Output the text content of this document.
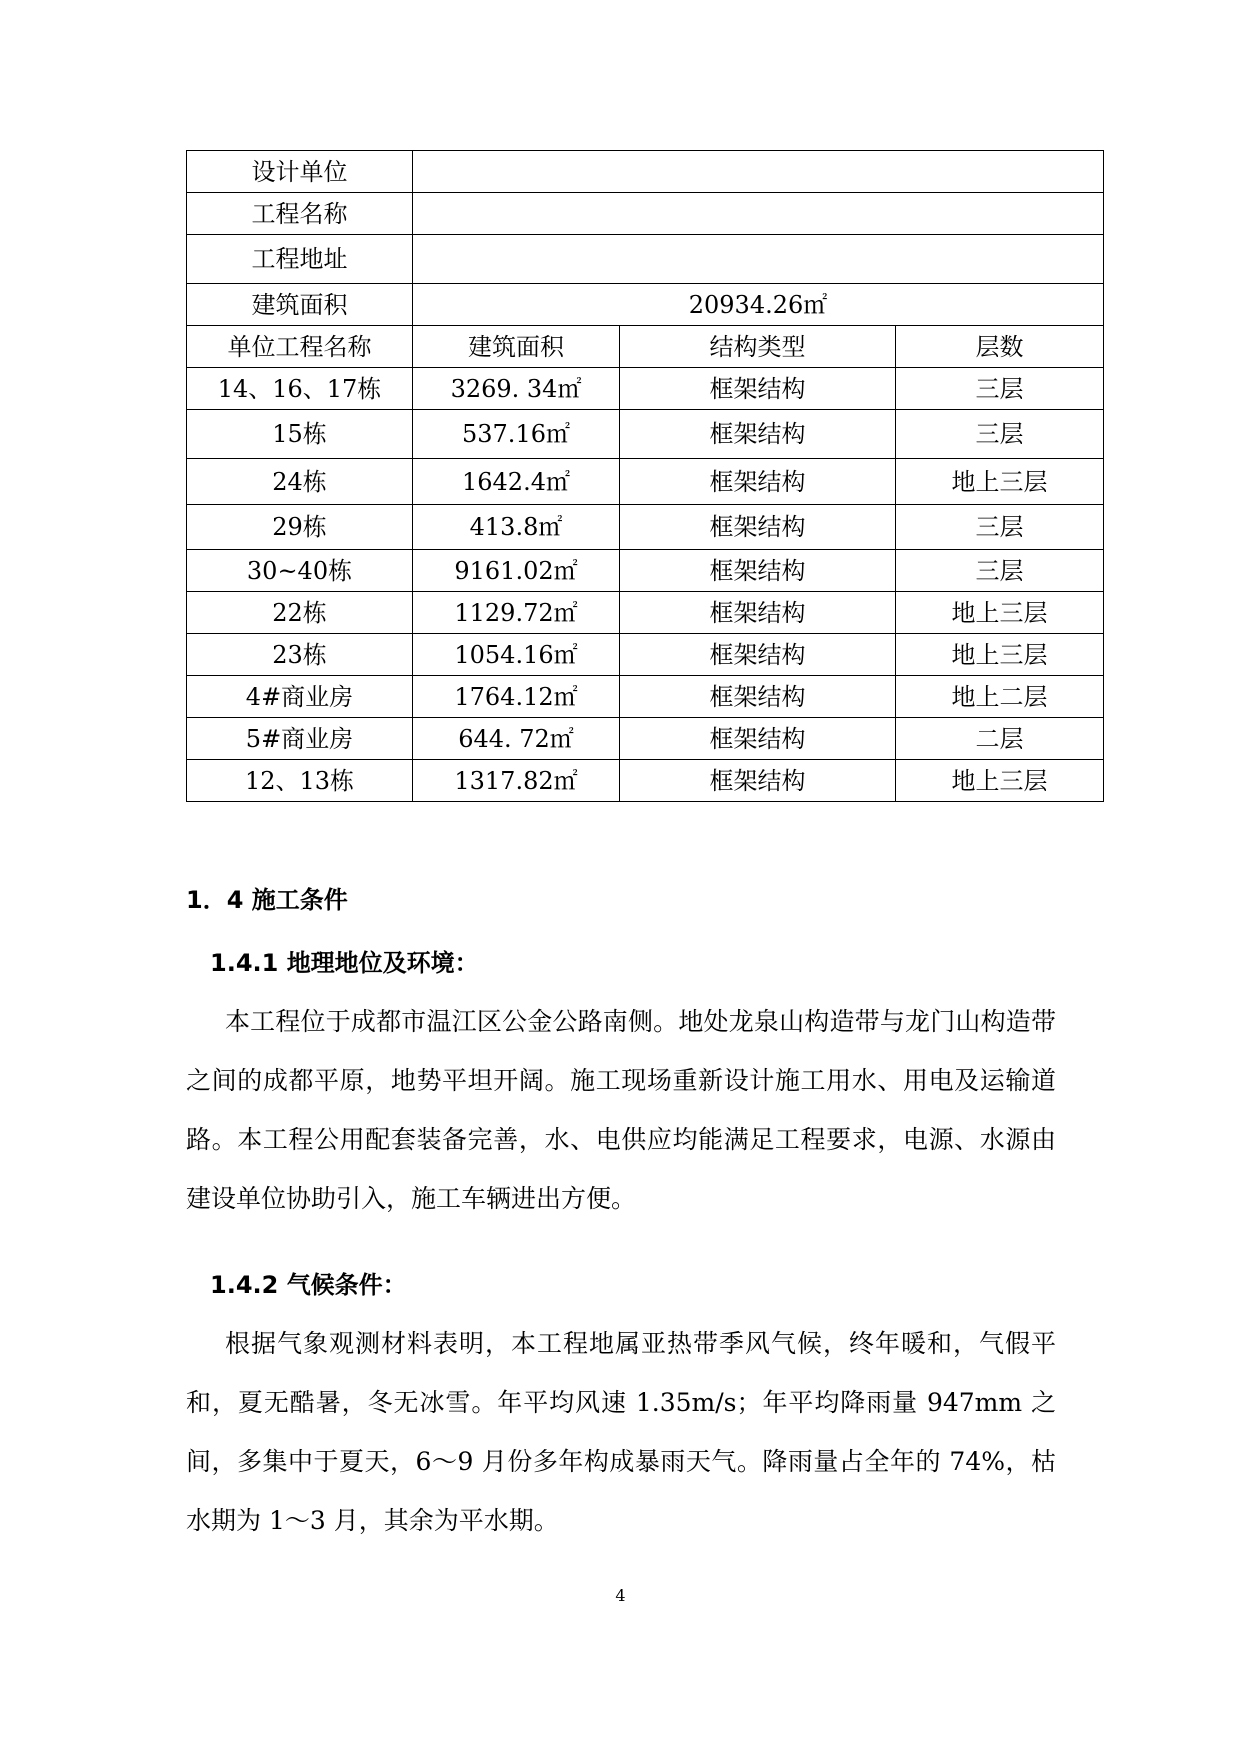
设计单位			
工程名称			
工程地址			
建筑面积	20934.26㎡		
单位工程名称	建筑面积	结构类型	层数
14、16、17栋	3269. 34㎡	框架结构	三层
15栋	537.16㎡	框架结构	三层
24栋	1642.4㎡	框架结构	地上三层
29栋	413.8㎡	框架结构	三层
30~40栋	9161.02㎡	框架结构	三层
22栋	1129.72㎡	框架结构	地上三层
23栋	1054.16㎡	框架结构	地上三层
4#商业房	1764.12㎡	框架结构	地上二层
5#商业房	644. 72㎡	框架结构	二层
12、13栋	1317.82㎡	框架结构	地上三层
1．4 施工条件
1.4.1 地理地位及环境：

本工程位于成都市温江区公金公路南侧。地处龙泉山构造带与龙门山构造带之间的成都平原，地势平坦开阔。施工现场重新设计施工用水、用电及运输道路。本工程公用配套装备完善，水、电供应均能满足工程要求，电源、水源由建设单位协助引入，施工车辆进出方便。

1.4.2 气候条件：

根据气象观测材料表明，本工程地属亚热带季风气候，终年暖和，气假平和，夏无酷暑，冬无冰雪。年平均风速 1.35m/s；年平均降雨量 947mm 之间，多集中于夏天，6～9 月份多年构成暴雨天气。降雨量占全年的 74%，枯水期为 1～3 月，其余为平水期。

4
